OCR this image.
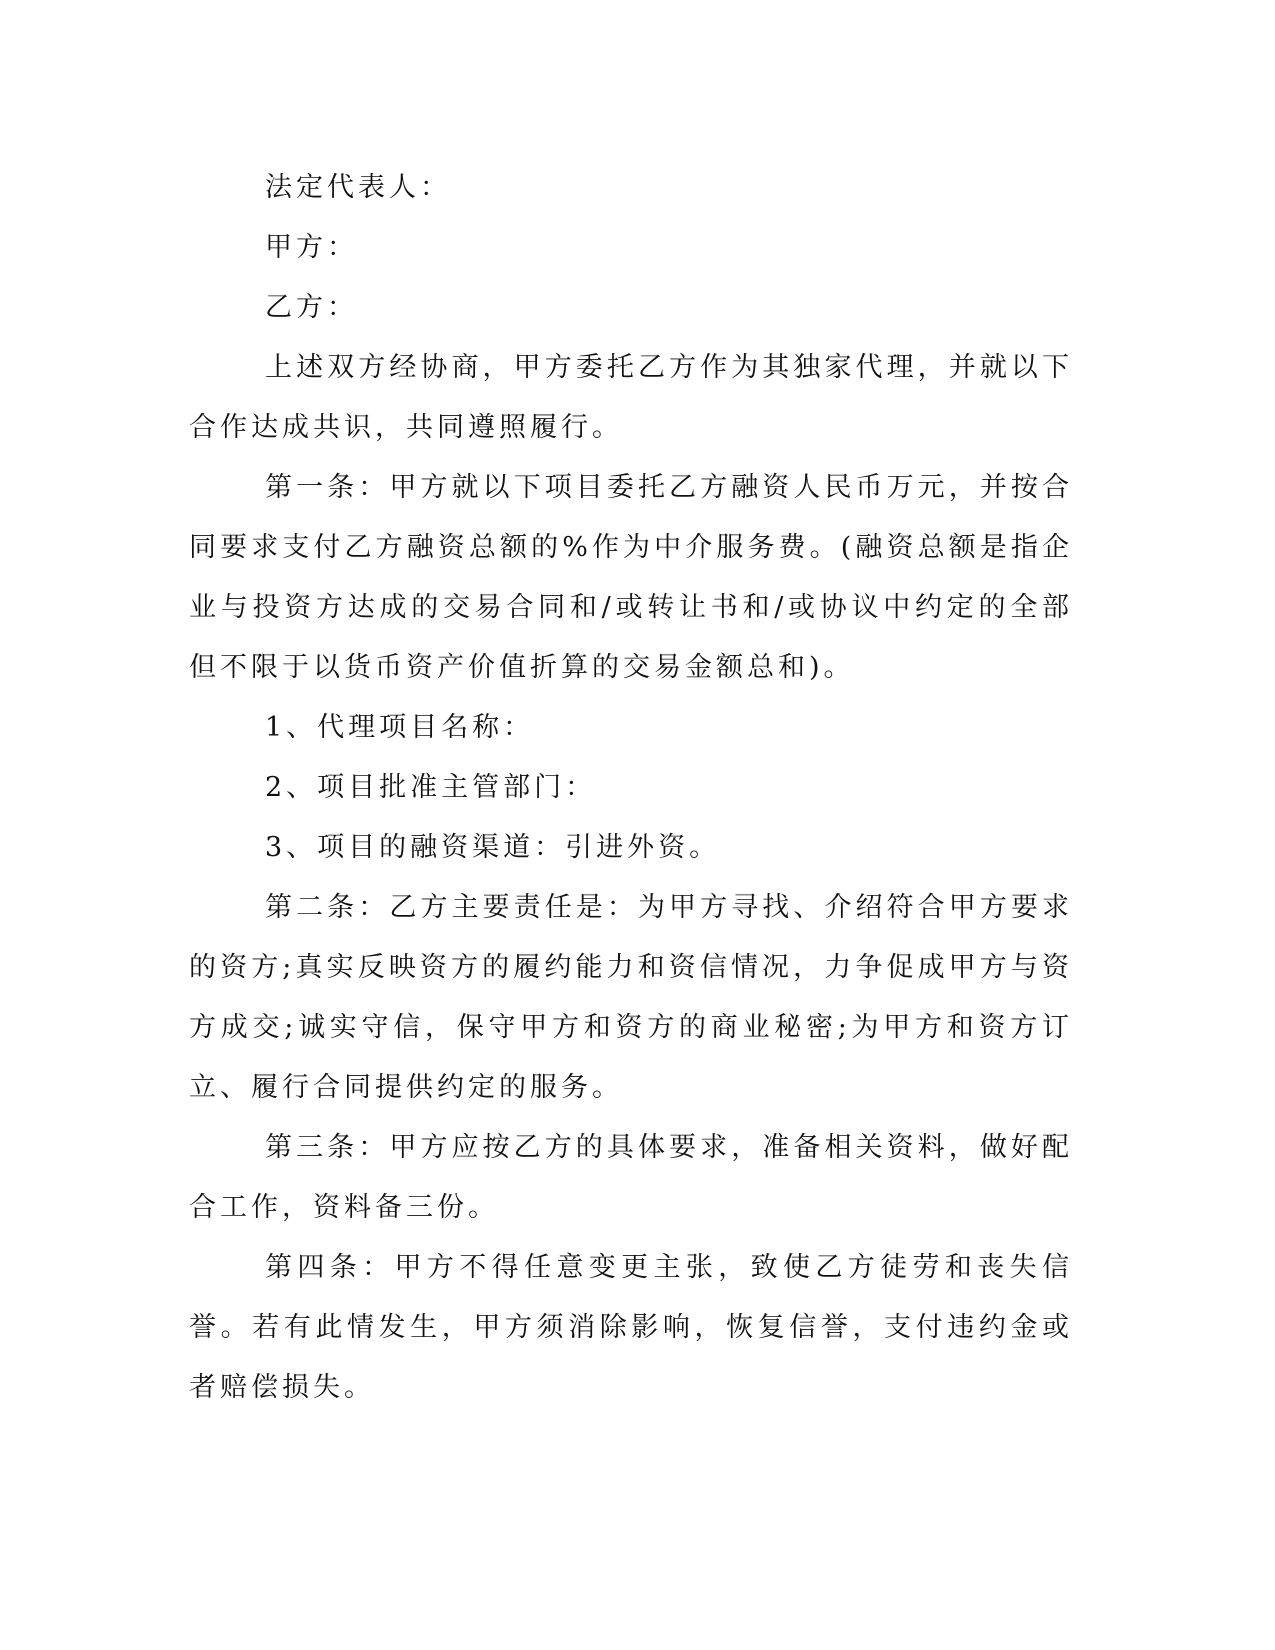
法定代表人：

甲方：

乙方：

上述双方经协商，甲方委托乙方作为其独家代理，并就以下合作达成共识，共同遵照履行。

第一条：甲方就以下项目委托乙方融资人民币万元，并按合同要求支付乙方融资总额的%作为中介服务费。(融资总额是指企业与投资方达成的交易合同和/或转让书和/或协议中约定的全部但不限于以货币资产价值折算的交易金额总和)。

1、代理项目名称：

2、项目批准主管部门：

3、项目的融资渠道：引进外资。

第二条：乙方主要责任是：为甲方寻找、介绍符合甲方要求的资方;真实反映资方的履约能力和资信情况，力争促成甲方与资方成交;诚实守信，保守甲方和资方的商业秘密;为甲方和资方订立、履行合同提供约定的服务。

第三条：甲方应按乙方的具体要求，准备相关资料，做好配合工作，资料备三份。

第四条：甲方不得任意变更主张，致使乙方徒劳和丧失信誉。若有此情发生，甲方须消除影响，恢复信誉，支付违约金或者赔偿损失。
